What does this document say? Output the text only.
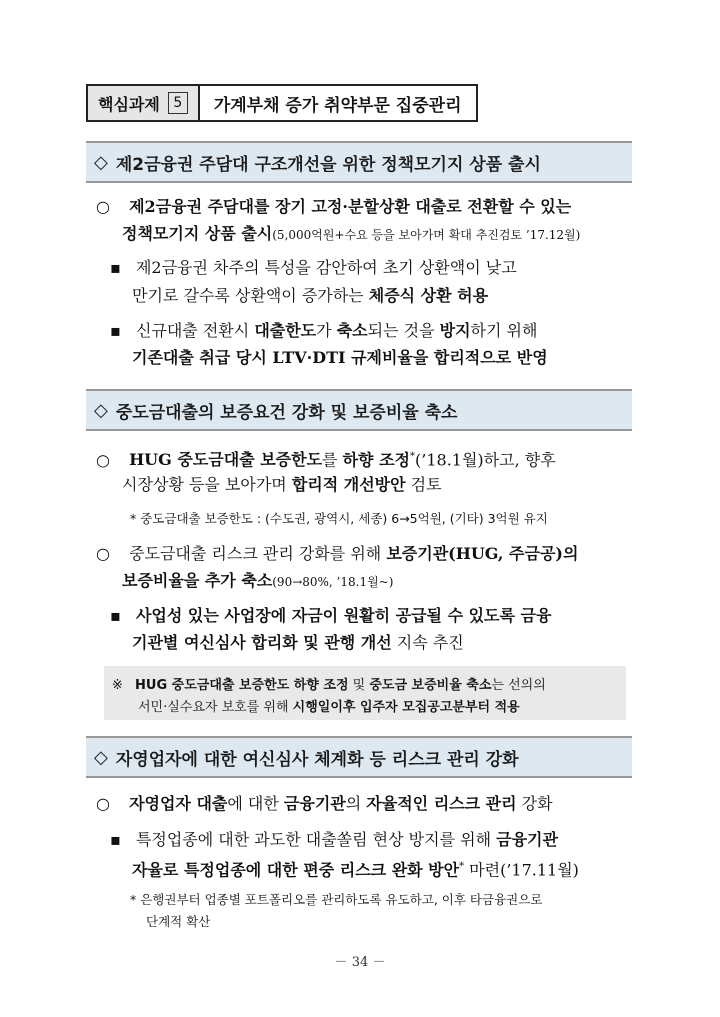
핵심과제 5	가계부채 증가 취약부문 집중관리
◇ 제2금융권 주담대 구조개선을 위한 정책모기지 상품 출시
○ 제2금융권 주담대를 장기 고정·분할상환 대출로 전환할 수 있는
정책모기지 상품 출시(5,000억원+수요 등을 보아가며 확대 추진검토 ’17.12월)
▪ 제2금융권 차주의 특성을 감안하여 초기 상환액이 낮고
만기로 갈수록 상환액이 증가하는 체증식 상환 허용
▪ 신규대출 전환시 대출한도가 축소되는 것을 방지하기 위해
기존대출 취급 당시 LTV·DTI 규제비율을 합리적으로 반영
◇ 중도금대출의 보증요건 강화 및 보증비율 축소
○ HUG 중도금대출 보증한도를 하향 조정*(’18.1월)하고, 향후
시장상황 등을 보아가며 합리적 개선방안 검토
* 중도금대출 보증한도 : (수도권, 광역시, 세종) 6→5억원, (기타) 3억원 유지
○ 중도금대출 리스크 관리 강화를 위해 보증기관(HUG, 주금공)의
보증비율을 추가 축소(90→80%, ’18.1월~)
▪ 사업성 있는 사업장에 자금이 원활히 공급될 수 있도록 금융
기관별 여신심사 합리화 및 관행 개선 지속 추진
※ HUG 중도금대출 보증한도 하향 조정 및 중도금 보증비율 축소는 선의의
서민·실수요자 보호를 위해 시행일이후 입주자 모집공고분부터 적용
◇ 자영업자에 대한 여신심사 체계화 등 리스크 관리 강화
○ 자영업자 대출에 대한 금융기관의 자율적인 리스크 관리 강화
▪ 특정업종에 대한 과도한 대출쏠림 현상 방지를 위해 금융기관
자율로 특정업종에 대한 편중 리스크 완화 방안* 마련(’17.11월)
* 은행권부터 업종별 포트폴리오를 관리하도록 유도하고, 이후 타금융권으로
단계적 확산
－ 34 －
